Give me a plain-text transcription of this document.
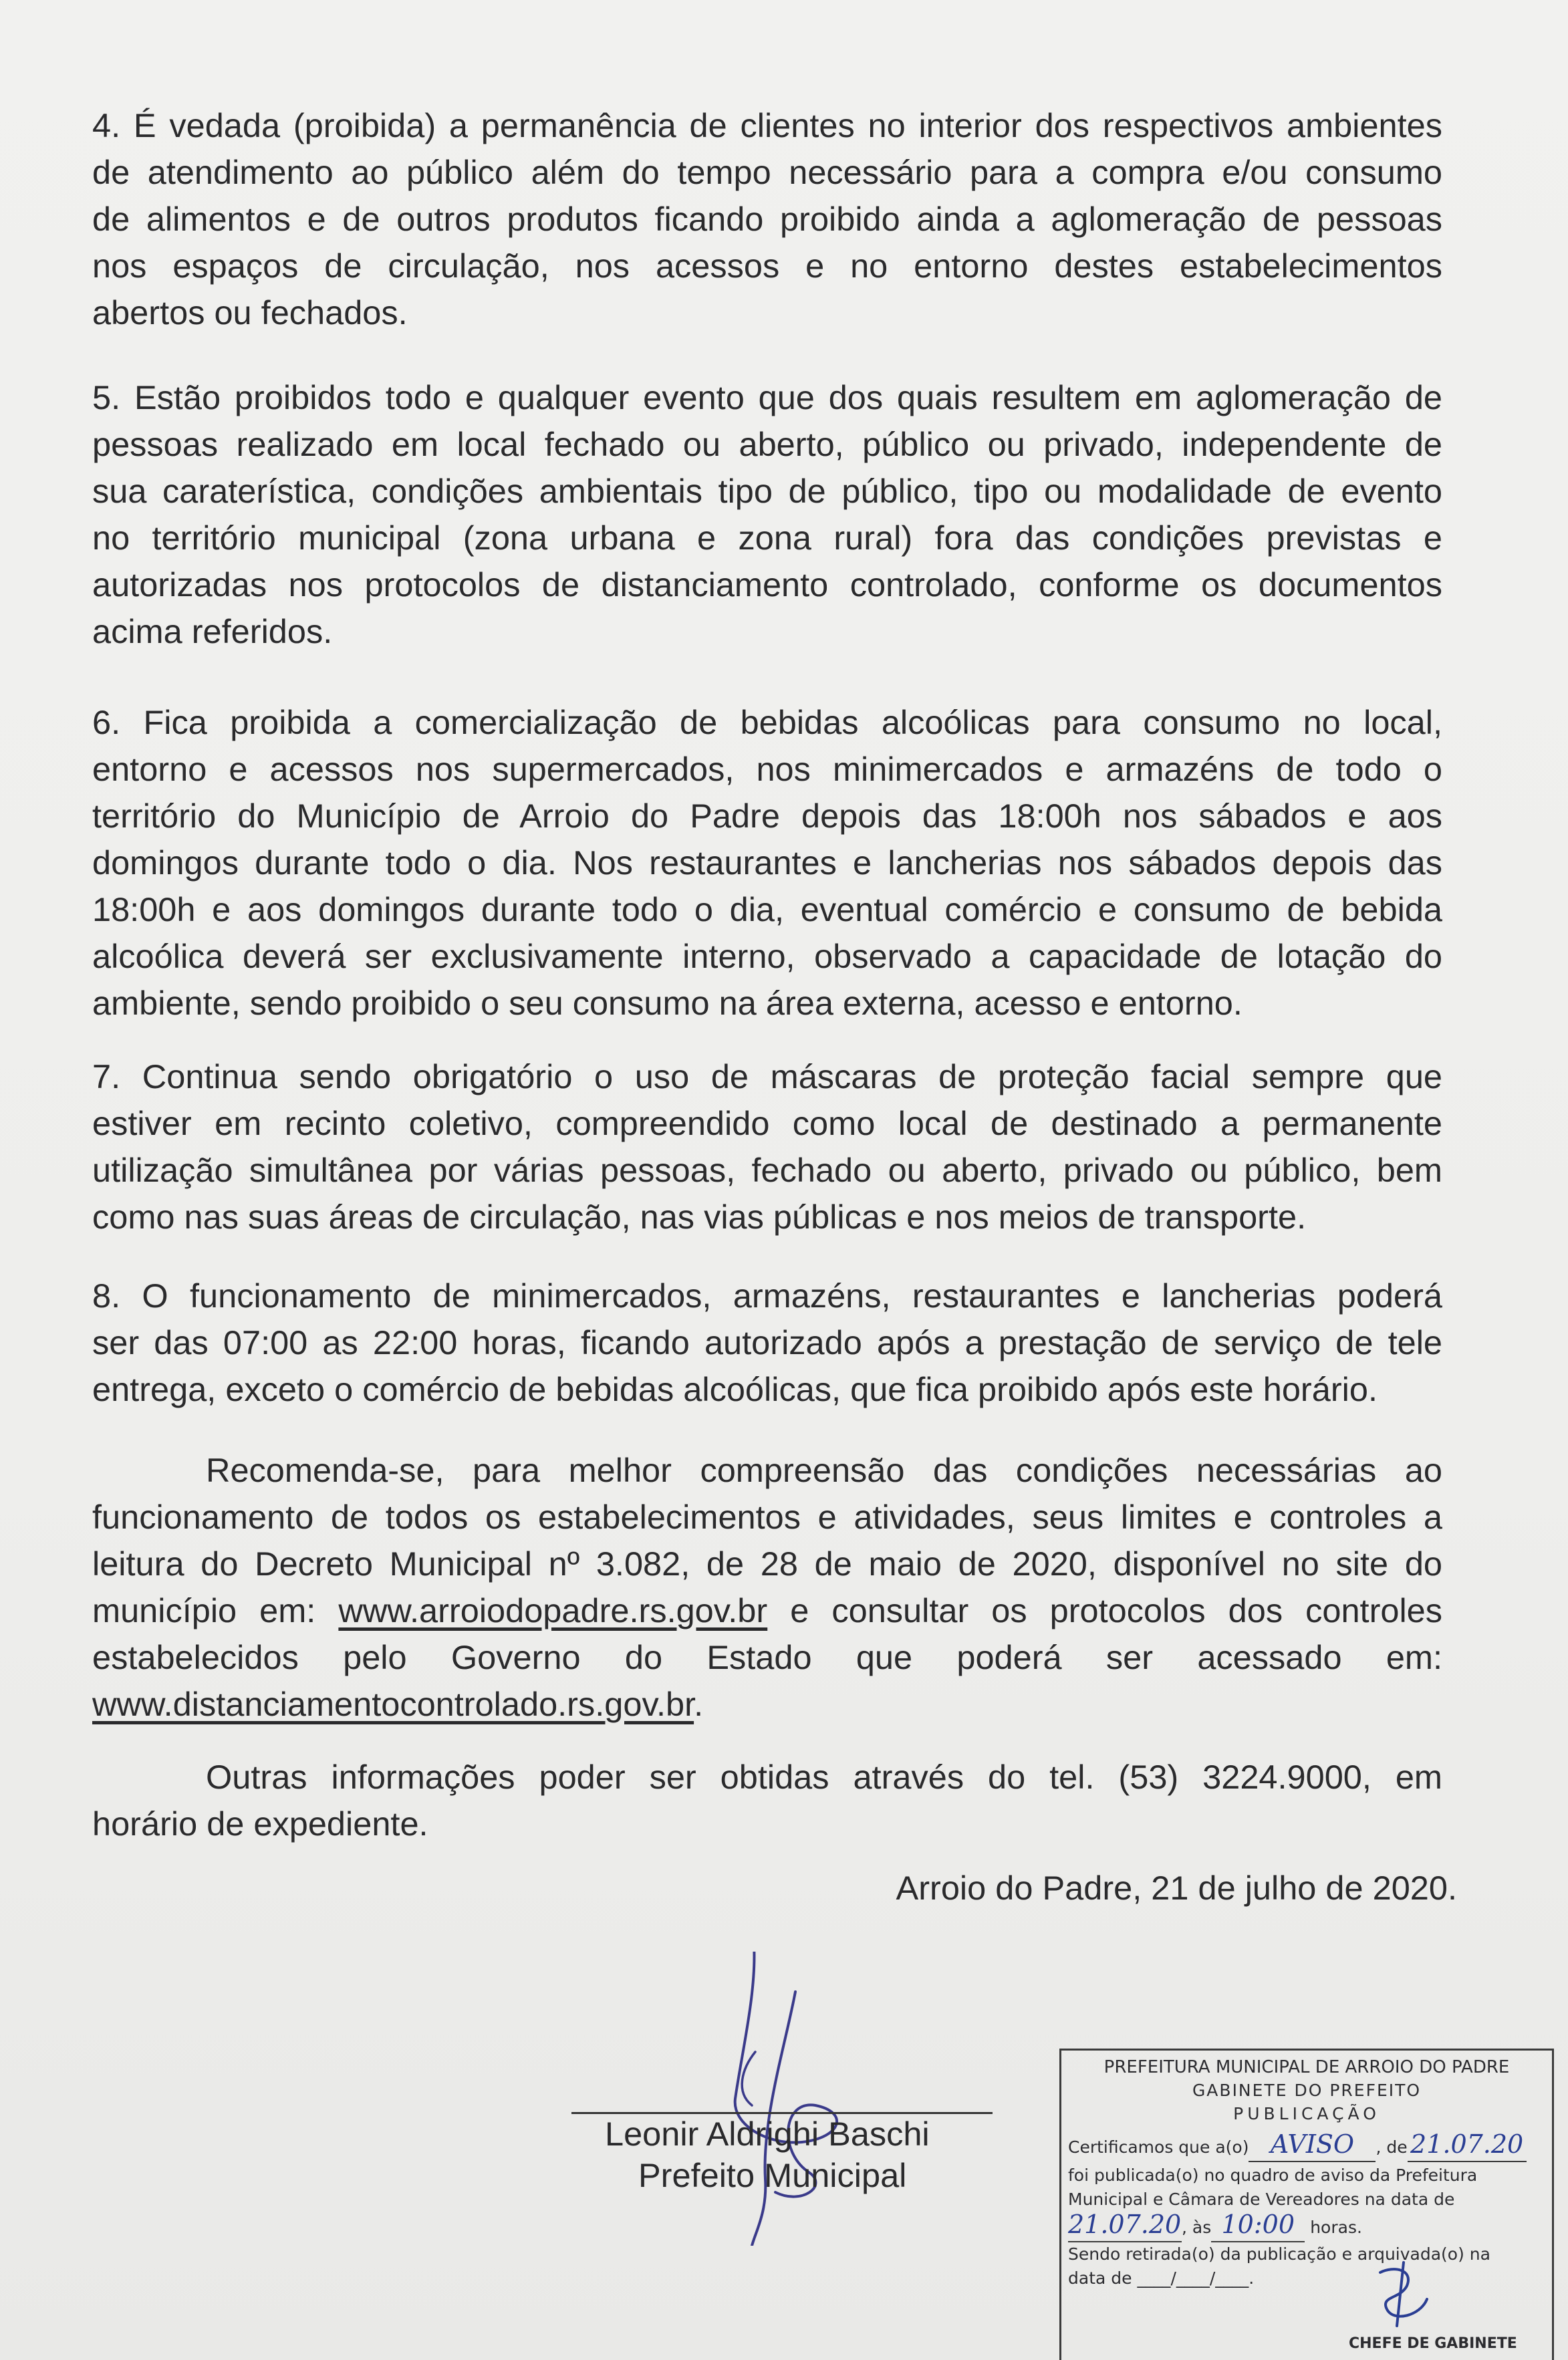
4. É vedada (proibida) a permanência de clientes no interior dos respectivos ambientes
de atendimento ao público além do tempo necessário para a compra e/ou consumo
de alimentos e de outros produtos ficando proibido ainda a aglomeração de pessoas
nos espaços de circulação, nos acessos e no entorno destes estabelecimentos
abertos ou fechados.
5. Estão proibidos todo e qualquer evento que dos quais resultem em aglomeração de
pessoas realizado em local fechado ou aberto, público ou privado, independente de
sua caraterística, condições ambientais tipo de público, tipo ou modalidade de evento
no território municipal (zona urbana e zona rural) fora das condições previstas e
autorizadas nos protocolos de distanciamento controlado, conforme os documentos
acima referidos.
6. Fica proibida a comercialização de bebidas alcoólicas para consumo no local,
entorno e acessos nos supermercados, nos minimercados e armazéns de todo o
território do Município de Arroio do Padre depois das 18:00h nos sábados e aos
domingos durante todo o dia. Nos restaurantes e lancherias nos sábados depois das
18:00h e aos domingos durante todo o dia, eventual comércio e consumo de bebida
alcoólica deverá ser exclusivamente interno, observado a capacidade de lotação do
ambiente, sendo proibido o seu consumo na área externa, acesso e entorno.
7. Continua sendo obrigatório o uso de máscaras de proteção facial sempre que
estiver em recinto coletivo, compreendido como local de destinado a permanente
utilização simultânea por várias pessoas, fechado ou aberto, privado ou público, bem
como nas suas áreas de circulação, nas vias públicas e nos meios de transporte.
8. O funcionamento de minimercados, armazéns, restaurantes e lancherias poderá
ser das 07:00 as 22:00 horas, ficando autorizado após a prestação de serviço de tele
entrega, exceto o comércio de bebidas alcoólicas, que fica proibido após este horário.
Recomenda-se, para melhor compreensão das condições necessárias ao
funcionamento de todos os estabelecimentos e atividades, seus limites e controles a
leitura do Decreto Municipal nº 3.082, de 28 de maio de 2020, disponível no site do
município em: www.arroiodopadre.rs.gov.br e consultar os protocolos dos controles
estabelecidos pelo Governo do Estado que poderá ser acessado em:
www.distanciamentocontrolado.rs.gov.br.
Outras informações poder ser obtidas através do tel. (53) 3224.9000, em
horário de expediente.

Arroio do Padre, 21 de julho de 2020.

Leonir Aldrighi Baschi
Prefeito Municipal
PREFEITURA MUNICIPAL DE ARROIO DO PADRE
GABINETE DO PREFEITO
PUBLICAÇÃO
Certificamos que a(o) AVISO , de 21.07.20
foi publicada(o) no quadro de aviso da Prefeitura
Municipal e Câmara de Vereadores na data de
21.07.20, às 10:00 horas.
Sendo retirada(o) da publicação e arquivada(o) na
data de ____/____/____.
CHEFE DE GABINETE
